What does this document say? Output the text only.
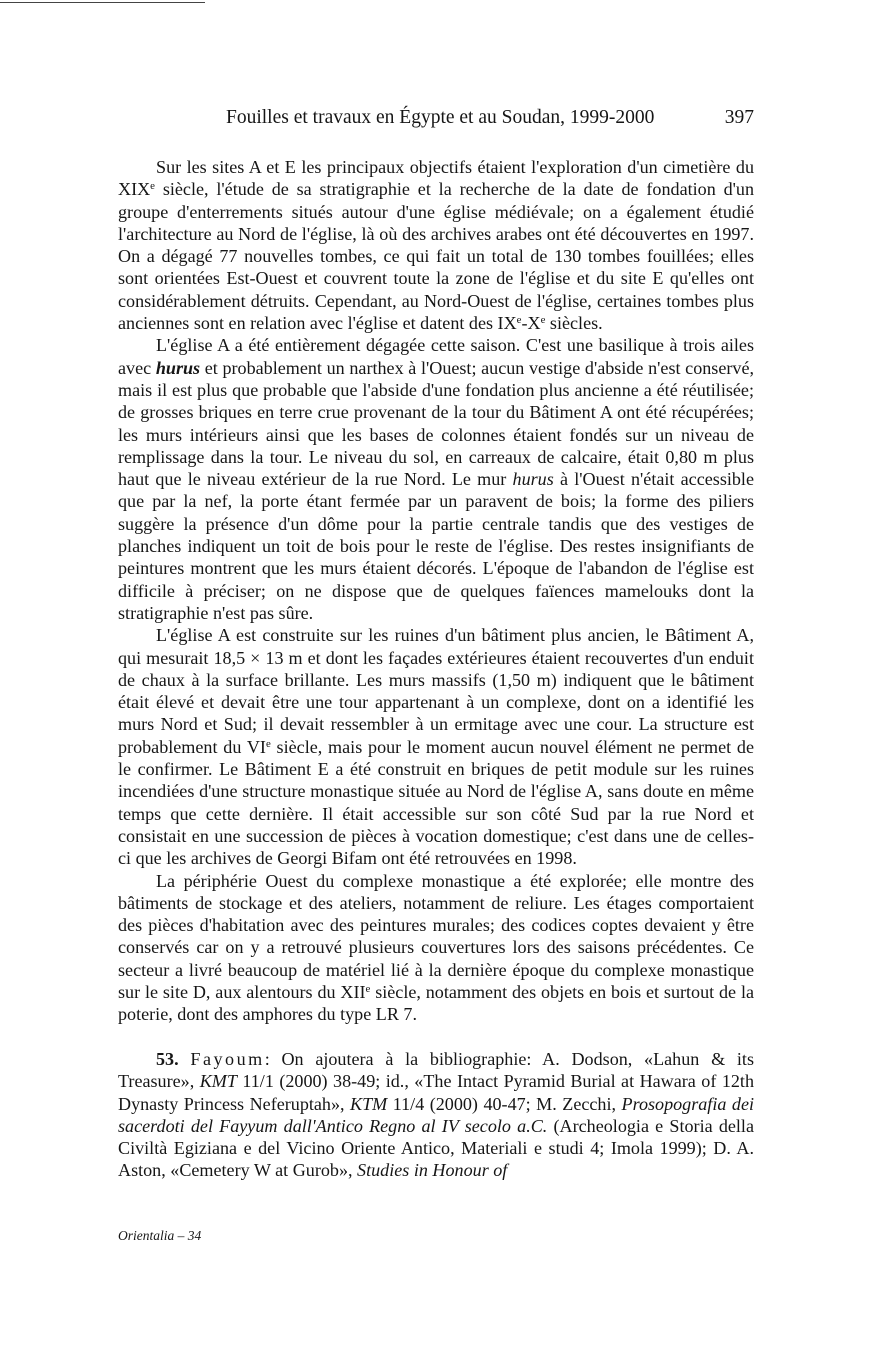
Fouilles et travaux en Égypte et au Soudan, 1999-2000	397

Sur les sites A et E les principaux objectifs étaient l'exploration d'un cimetière du XIXe siècle, l'étude de sa stratigraphie et la recherche de la date de fondation d'un groupe d'enterrements situés autour d'une église médiévale; on a également étudié l'architecture au Nord de l'église, là où des archives arabes ont été découvertes en 1997. On a dégagé 77 nouvelles tombes, ce qui fait un total de 130 tombes fouillées; elles sont orientées Est-Ouest et couvrent toute la zone de l'église et du site E qu'elles ont considérablement détruits. Cependant, au Nord-Ouest de l'église, certaines tombes plus anciennes sont en relation avec l'église et datent des IXe-Xe siècles.

L'église A a été entièrement dégagée cette saison. C'est une basilique à trois ailes avec hurus et probablement un narthex à l'Ouest; aucun vestige d'abside n'est conservé, mais il est plus que probable que l'abside d'une fondation plus ancienne a été réutilisée; de grosses briques en terre crue provenant de la tour du Bâtiment A ont été récupérées; les murs intérieurs ainsi que les bases de colonnes étaient fondés sur un niveau de remplissage dans la tour. Le niveau du sol, en carreaux de calcaire, était 0,80 m plus haut que le niveau extérieur de la rue Nord. Le mur hurus à l'Ouest n'était accessible que par la nef, la porte étant fermée par un paravent de bois; la forme des piliers suggère la présence d'un dôme pour la partie centrale tandis que des vestiges de planches indiquent un toit de bois pour le reste de l'église. Des restes insignifiants de peintures montrent que les murs étaient décorés. L'époque de l'abandon de l'église est difficile à préciser; on ne dispose que de quelques faïences mamelouks dont la stratigraphie n'est pas sûre.

L'église A est construite sur les ruines d'un bâtiment plus ancien, le Bâtiment A, qui mesurait 18,5 × 13 m et dont les façades extérieures étaient recouvertes d'un enduit de chaux à la surface brillante. Les murs massifs (1,50 m) indiquent que le bâtiment était élevé et devait être une tour appartenant à un complexe, dont on a identifié les murs Nord et Sud; il devait ressembler à un ermitage avec une cour. La structure est probablement du VIe siècle, mais pour le moment aucun nouvel élément ne permet de le confirmer. Le Bâtiment E a été construit en briques de petit module sur les ruines incendiées d'une structure monastique située au Nord de l'église A, sans doute en même temps que cette dernière. Il était accessible sur son côté Sud par la rue Nord et consistait en une succession de pièces à vocation domestique; c'est dans une de celles-ci que les archives de Georgi Bifam ont été retrouvées en 1998.

La périphérie Ouest du complexe monastique a été explorée; elle montre des bâtiments de stockage et des ateliers, notamment de reliure. Les étages comportaient des pièces d'habitation avec des peintures murales; des codices coptes devaient y être conservés car on y a retrouvé plusieurs couvertures lors des saisons précédentes. Ce secteur a livré beaucoup de matériel lié à la dernière époque du complexe monastique sur le site D, aux alentours du XIIe siècle, notamment des objets en bois et surtout de la poterie, dont des amphores du type LR 7.

53. Fayoum: On ajoutera à la bibliographie: A. Dodson, «Lahun & its Treasure», KMT 11/1 (2000) 38-49; id., «The Intact Pyramid Burial at Hawara of 12th Dynasty Princess Neferuptah», KTM 11/4 (2000) 40-47; M. Zecchi, Prosopografia dei sacerdoti del Fayyum dall'Antico Regno al IV secolo a.C. (Archeologia e Storia della Civiltà Egiziana e del Vicino Oriente Antico, Materiali e studi 4; Imola 1999); D. A. Aston, «Cemetery W at Gurob», Studies in Honour of

Orientalia – 34
